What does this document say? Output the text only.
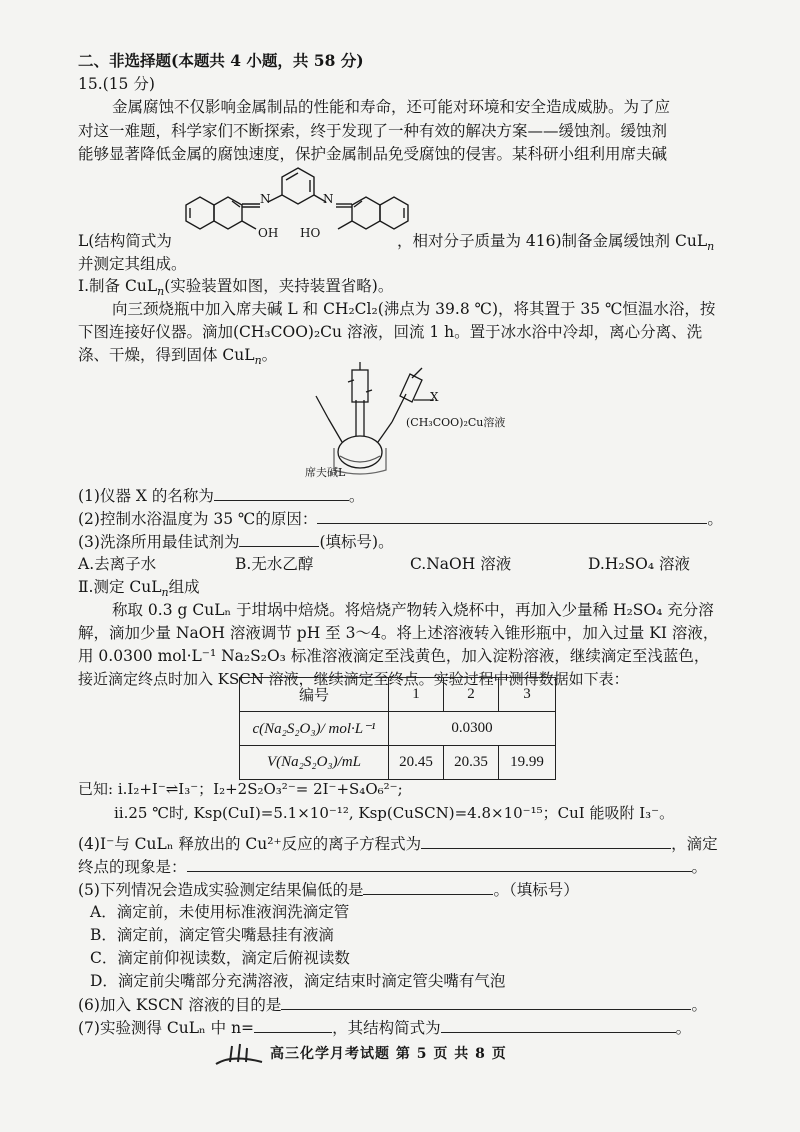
二、非选择题(本题共 4 小题，共 58 分)
15.(15 分)
金属腐蚀不仅影响金属制品的性能和寿命，还可能对环境和安全造成威胁。为了应
对这一难题，科学家们不断探索，终于发现了一种有效的解决方案——缓蚀剂。缓蚀剂
能够显著降低金属的腐蚀速度，保护金属制品免受腐蚀的侵害。某科研小组利用席夫碱
N	N
OH HO
L(结构简式为	，相对分子质量为 416)制备金属缓蚀剂 CuL$_n$
并测定其组成。
Ⅰ.制备 CuL$_n$(实验装置如图，夹持装置省略)。
向三颈烧瓶中加入席夫碱 L 和 CH₂Cl₂(沸点为 39.8 ℃)，将其置于 35 ℃恒温水浴，按
下图连接好仪器。滴加(CH₃COO)₂Cu 溶液，回流 1 h。置于冰水浴中冷却，离心分离、洗
涤、干燥，得到固体 CuL$_n$。
X
(CH₃COO)₂Cu溶液
席夫碱L
(1)仪器 X 的名称为	。
(2)控制水浴温度为 35 ℃的原因：	。
(3)洗涤所用最佳试剂为	(填标号)。
A.去离子水	B.无水乙醇	C.NaOH 溶液	D.H₂SO₄ 溶液
Ⅱ.测定 CuL$_n$组成
称取 0.3 g CuLₙ 于坩埚中焙烧。将焙烧产物转入烧杯中，再加入少量稀 H₂SO₄ 充分溶
解，滴加少量 NaOH 溶液调节 pH 至 3～4。将上述溶液转入锥形瓶中，加入过量 KI 溶液，
用 0.0300 mol·L⁻¹ Na₂S₂O₃ 标准溶液滴定至浅黄色，加入淀粉溶液，继续滴定至浅蓝色，
接近滴定终点时加入 KSCN 溶液，继续滴定至终点。实验过程中测得数据如下表：
编号	1	2	3
c(Na₂S₂O₃)/ mol·L⁻¹	0.0300		
V(Na₂S₂O₃)/mL	20.45	20.35	19.99
已知: ⅰ.I₂+I⁻⇌I₃⁻；I₂+2S₂O₃²⁻= 2I⁻+S₄O₆²⁻;
ⅱ.25 ℃时, Ksp(CuI)=5.1×10⁻¹², Ksp(CuSCN)=4.8×10⁻¹⁵；CuI 能吸附 I₃⁻。
(4)I⁻与 CuLₙ 释放出的 Cu²⁺反应的离子方程式为	，滴定
终点的现象是：	。
(5)下列情况会造成实验测定结果偏低的是	。（填标号）
A．滴定前，未使用标准液润洗滴定管
B．滴定前，滴定管尖嘴悬挂有液滴
C．滴定前仰视读数，滴定后俯视读数
D．滴定前尖嘴部分充满溶液，滴定结束时滴定管尖嘴有气泡
(6)加入 KSCN 溶液的目的是	。
(7)实验测得 CuLₙ 中 n=	，其结构简式为	。
高三化学月考试题 第 5 页 共 8 页
